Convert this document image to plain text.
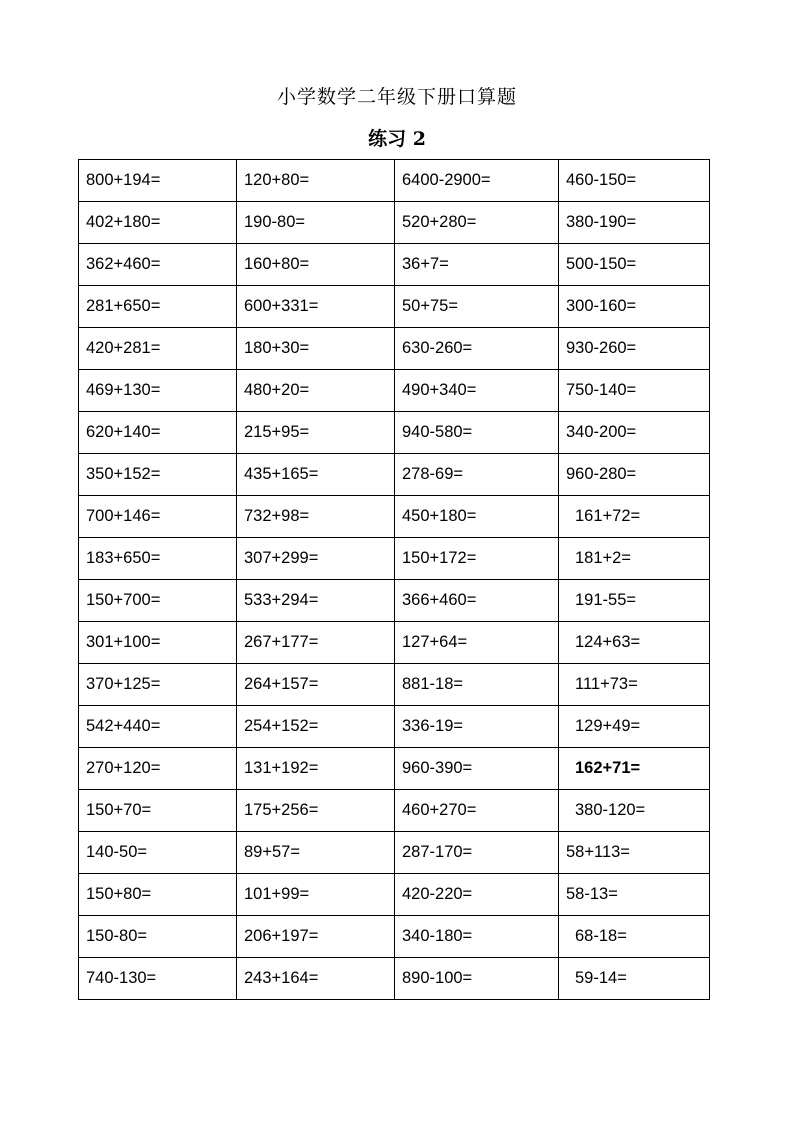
小学数学二年级下册口算题
练习 2
800+194=	120+80=	6400-2900=	460-150=
402+180=	190-80=	520+280=	380-190=
362+460=	160+80=	36+7=	500-150=
281+650=	600+331=	50+75=	300-160=
420+281=	180+30=	630-260=	930-260=
469+130=	480+20=	490+340=	750-140=
620+140=	215+95=	940-580=	340-200=
350+152=	435+165=	278-69=	960-280=
700+146=	732+98=	450+180=	161+72=
183+650=	307+299=	150+172=	181+2=
150+700=	533+294=	366+460=	191-55=
301+100=	267+177=	127+64=	124+63=
370+125=	264+157=	881-18=	111+73=
542+440=	254+152=	336-19=	129+49=
270+120=	131+192=	960-390=	162+71=
150+70=	175+256=	460+270=	380-120=
140-50=	89+57=	287-170=	58+113=
150+80=	101+99=	420-220=	58-13=
150-80=	206+197=	340-180=	68-18=
740-130=	243+164=	890-100=	59-14=
